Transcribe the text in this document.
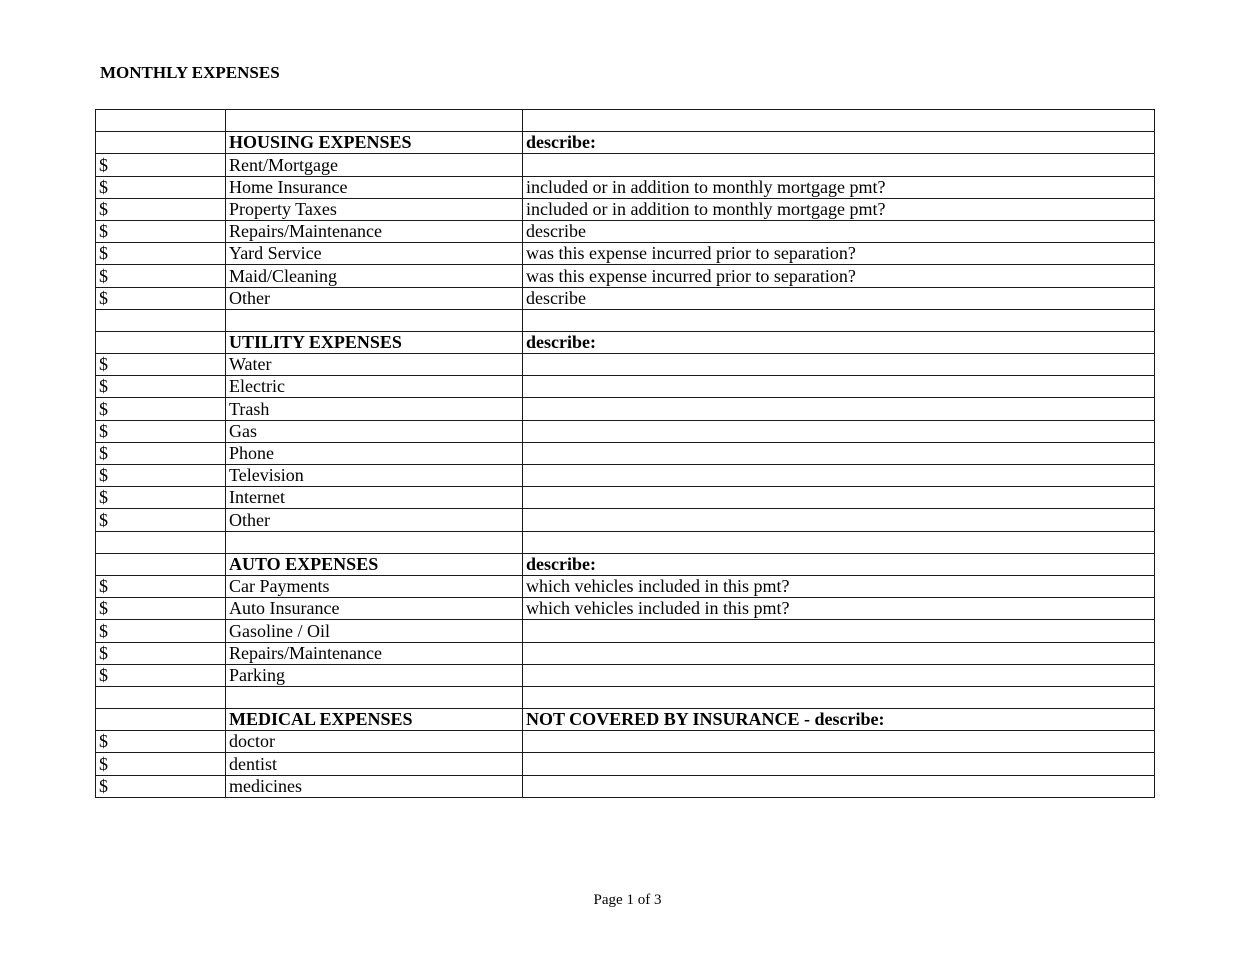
MONTHLY EXPENSES

	HOUSING EXPENSES	describe:
$	Rent/Mortgage	
$	Home Insurance	included or in addition to monthly mortgage pmt?
$	Property Taxes	included or in addition to monthly mortgage pmt?
$	Repairs/Maintenance	describe
$	Yard Service	was this expense incurred prior to separation?
$	Maid/Cleaning	was this expense incurred prior to separation?
$	Other	describe

	UTILITY EXPENSES	describe:
$	Water	
$	Electric	
$	Trash	
$	Gas	
$	Phone	
$	Television	
$	Internet	
$	Other	

	AUTO EXPENSES	describe:
$	Car Payments	which vehicles included in this pmt?
$	Auto Insurance	which vehicles included in this pmt?
$	Gasoline / Oil	
$	Repairs/Maintenance	
$	Parking	

	MEDICAL EXPENSES	NOT COVERED BY INSURANCE - describe:
$	doctor	
$	dentist	
$	medicines	
Page 1 of 3
